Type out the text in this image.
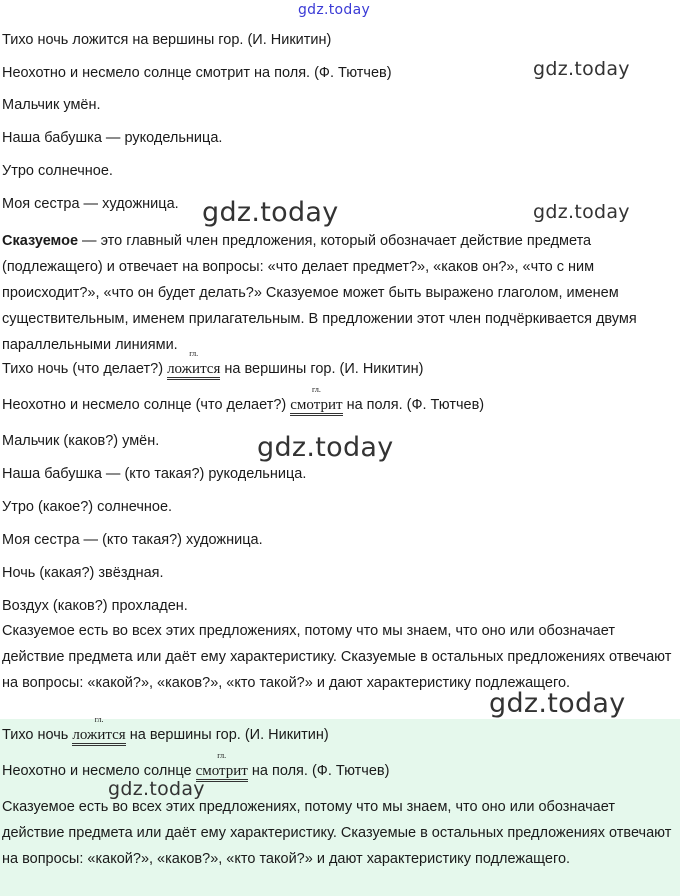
gdz.today
gdz.today
gdz.today	gdz.today
gdz.today
gdz.today
gdz.today
Тихо ночь ложится на вершины гор. (И. Никитин)
Неохотно и несмело солнце смотрит на поля. (Ф. Тютчев)
Мальчик умён.
Наша бабушка — рукодельница.
Утро солнечное.
Моя сестра — художница.
Сказуемое — это главный член предложения, который обозначает действие предмета (подлежащего) и отвечает на вопросы: «что делает предмет?», «каков он?», «что с ним происходит?», «что он будет делать?» Сказуемое может быть выражено глаголом, именем существительным, именем прилагательным. В предложении этот член подчёркивается двумя параллельными линиями.
Тихо ночь (что делает?)
гл.
ложится на вершины гор. (И. Никитин)
Неохотно и несмело солнце (что делает?)
гл.
смотрит на поля. (Ф. Тютчев)
Мальчик (каков?) умён.
Наша бабушка — (кто такая?) рукодельница.
Утро (какое?) солнечное.
Моя сестра — (кто такая?) художница.
Ночь (какая?) звёздная.
Воздух (каков?) прохладен.
Сказуемое есть во всех этих предложениях, потому что мы знаем, что оно или обозначает действие предмета или даёт ему характеристику. Сказуемые в остальных предложениях отвечают на вопросы: «какой?», «каков?», «кто такой?» и дают характеристику подлежащего.
Тихо ночь
гл.
ложится на вершины гор. (И. Никитин)
Неохотно и несмело солнце
гл.
смотрит на поля. (Ф. Тютчев)
Сказуемое есть во всех этих предложениях, потому что мы знаем, что оно или обозначает действие предмета или даёт ему характеристику. Сказуемые в остальных предложениях отвечают на вопросы: «какой?», «каков?», «кто такой?» и дают характеристику подлежащего.
